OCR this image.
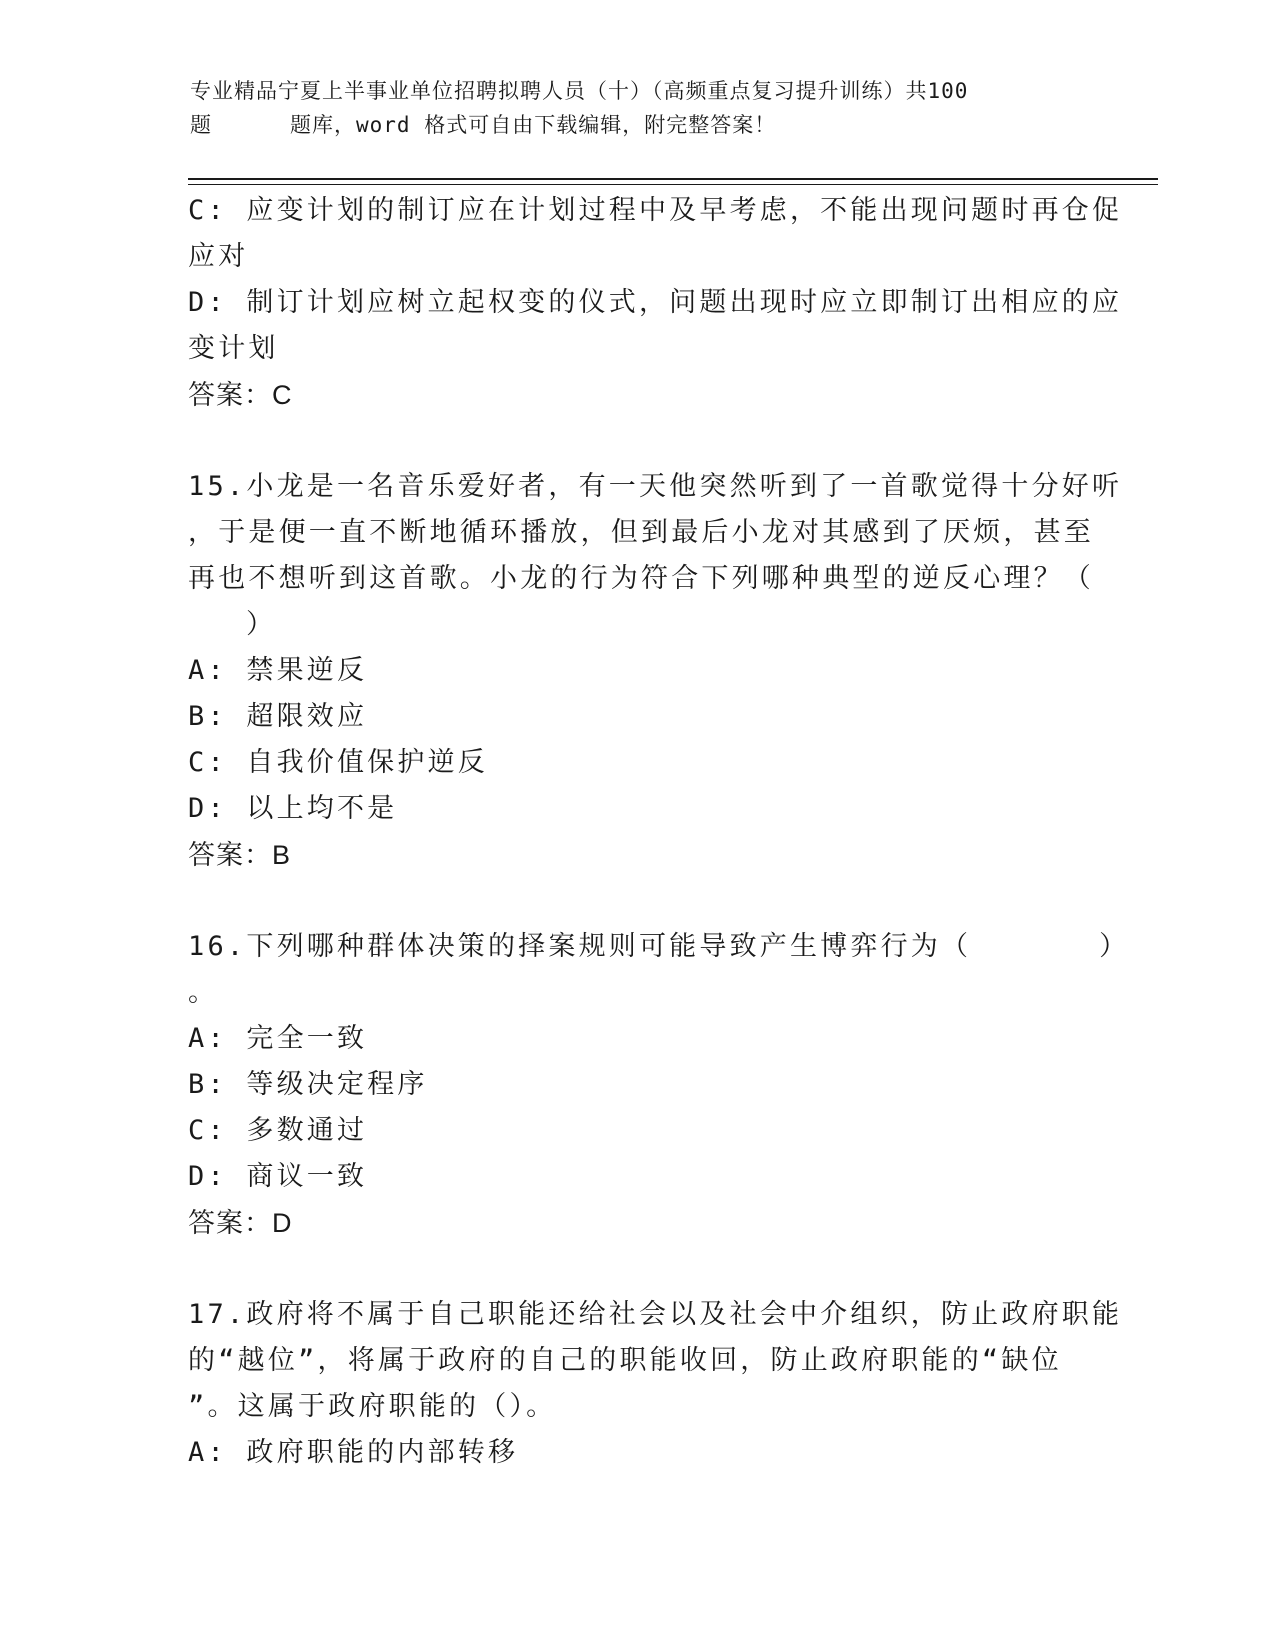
专业精品宁夏上半事业单位招聘拟聘人员（十）（高频重点复习提升训练）共100
题	题库，word 格式可自由下载编辑，附完整答案！
C: 应变计划的制订应在计划过程中及早考虑，不能出现问题时再仓促
应对
D: 制订计划应树立起权变的仪式，问题出现时应立即制订出相应的应
变计划
答案：C
15.小龙是一名音乐爱好者，有一天他突然听到了一首歌觉得十分好听
，于是便一直不断地循环播放，但到最后小龙对其感到了厌烦，甚至
再也不想听到这首歌。小龙的行为符合下列哪种典型的逆反心理？（
）
A: 禁果逆反
B: 超限效应
C: 自我价值保护逆反
D: 以上均不是
答案：B
16.下列哪种群体决策的择案规则可能导致产生博弈行为（	）
。
A: 完全一致
B: 等级决定程序
C: 多数通过
D: 商议一致
答案：D
17.政府将不属于自己职能还给社会以及社会中介组织，防止政府职能
的“越位”，将属于政府的自己的职能收回，防止政府职能的“缺位
”。这属于政府职能的（）。
A: 政府职能的内部转移
